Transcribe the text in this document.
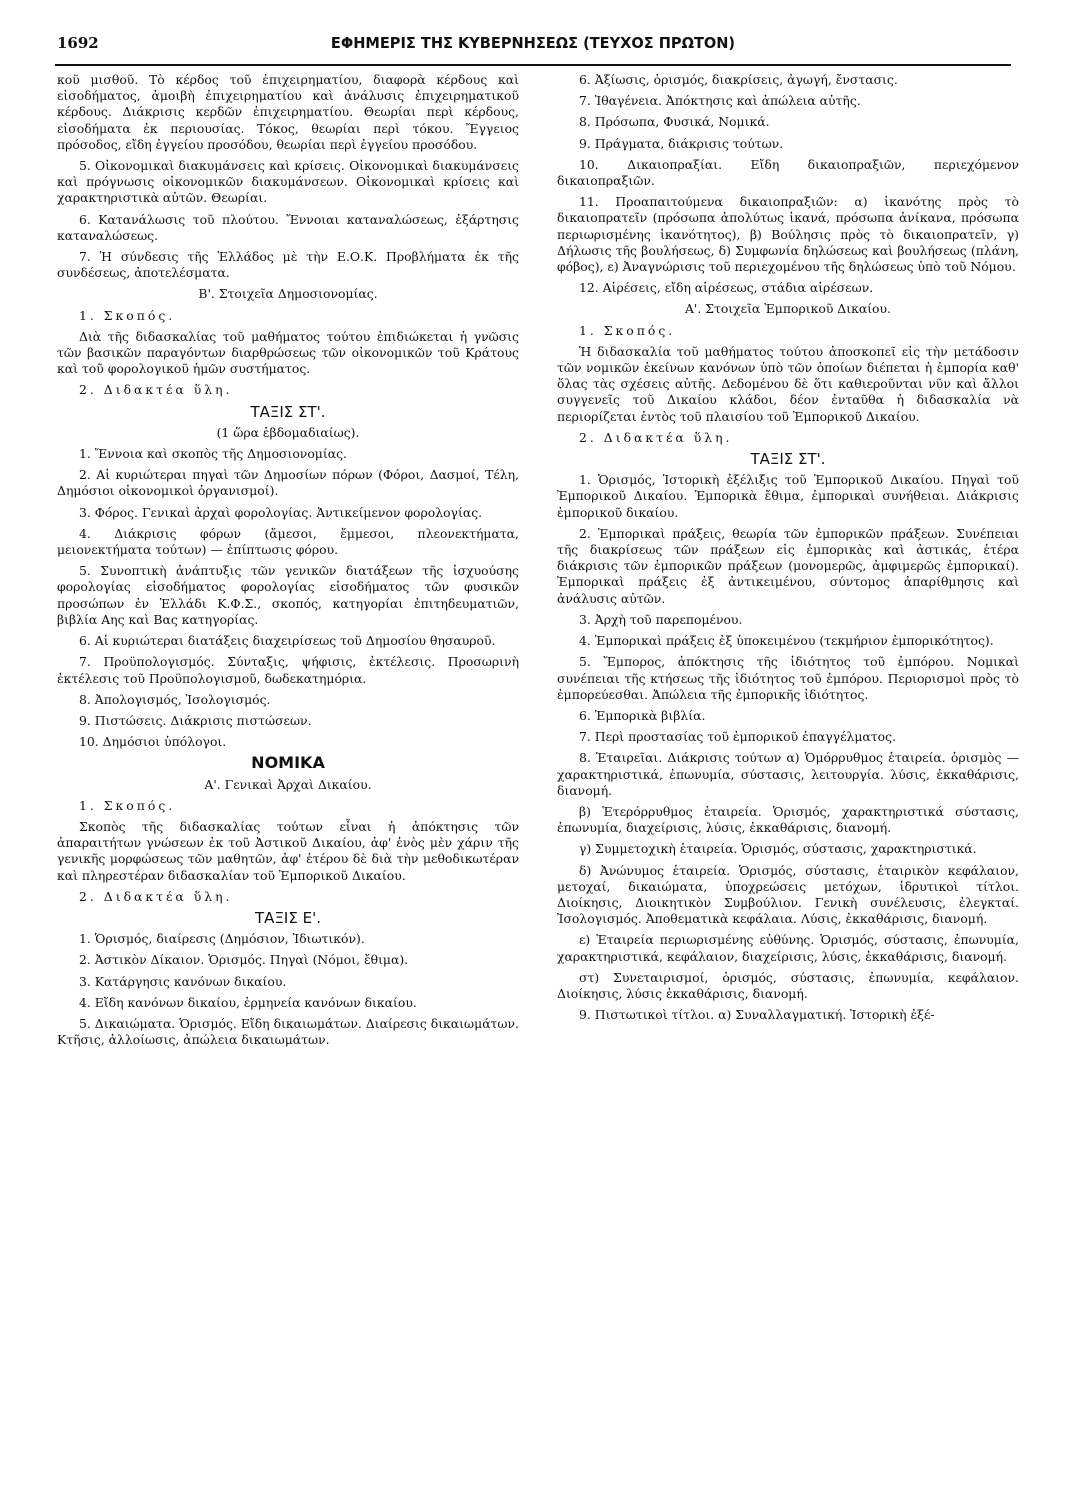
1692	ΕΦΗΜΕΡΙΣ ΤΗΣ ΚΥΒΕΡΝΗΣΕΩΣ (ΤΕΥΧΟΣ ΠΡΩΤΟΝ)

κοῦ μισθοῦ. Τὸ κέρδος τοῦ ἐπιχειρηματίου, διαφορὰ κέρδους καὶ εἰσοδήματος, ἀμοιβὴ ἐπιχειρηματίου καὶ ἀνάλυσις ἐπιχειρηματικοῦ κέρδους. Διάκρισις κερδῶν ἐπιχειρηματίου. Θεωρίαι περὶ κέρδους, εἰσοδήματα ἐκ περιουσίας. Τόκος, θεωρίαι περὶ τόκου. Ἔγγειος πρόσοδος, εἴδη ἐγγείου προσόδου, θεωρίαι περὶ ἐγγείου προσόδου.

5. Οἰκονομικαὶ διακυμάνσεις καὶ κρίσεις. Οἰκονομικαὶ διακυμάνσεις καὶ πρόγνωσις οἰκονομικῶν διακυμάνσεων. Οἰκονομικαὶ κρίσεις καὶ χαρακτηριστικὰ αὐτῶν. Θεωρίαι.

6. Κατανάλωσις τοῦ πλούτου. Ἔννοιαι καταναλώσεως, ἐξάρτησις καταναλώσεως.

7. Ἡ σύνδεσις τῆς Ἑλλάδος μὲ τὴν Ε.Ο.Κ. Προβλήματα ἐκ τῆς συνδέσεως, ἀποτελέσματα.

Β'. Στοιχεῖα Δημοσιονομίας.

1. Σκοπός.

Διὰ τῆς διδασκαλίας τοῦ μαθήματος τούτου ἐπιδιώκεται ἡ γνῶσις τῶν βασικῶν παραγόντων διαρθρώσεως τῶν οἰκονομικῶν τοῦ Κράτους καὶ τοῦ φορολογικοῦ ἡμῶν συστήματος.

2. Διδακτέα ὕλη.

ΤΑΞΙΣ ΣΤ'.

(1 ὥρα ἑβδομαδιαίως).

1. Ἔννοια καὶ σκοπὸς τῆς Δημοσιονομίας.

2. Αἱ κυριώτεραι πηγαὶ τῶν Δημοσίων πόρων (Φόροι, Δασμοί, Τέλη, Δημόσιοι οἰκονομικοὶ ὀργανισμοί).

3. Φόρος. Γενικαὶ ἀρχαὶ φορολογίας. Ἀντικείμενον φορολογίας.

4. Διάκρισις φόρων (ἄμεσοι, ἔμμεσοι, πλεονεκτήματα, μειονεκτήματα τούτων) — ἐπίπτωσις φόρου.

5. Συνοπτικὴ ἀνάπτυξις τῶν γενικῶν διατάξεων τῆς ἰσχυούσης φορολογίας εἰσοδήματος φορολογίας εἰσοδήματος τῶν φυσικῶν προσώπων ἐν Ἑλλάδι Κ.Φ.Σ., σκοπός, κατηγορίαι ἐπιτηδευματιῶν, βιβλία Αης καὶ Βας κατηγορίας.

6. Αἱ κυριώτεραι διατάξεις διαχειρίσεως τοῦ Δημοσίου θησαυροῦ.

7. Προϋπολογισμός. Σύνταξις, ψήφισις, ἐκτέλεσις. Προσωρινὴ ἐκτέλεσις τοῦ Προϋπολογισμοῦ, δωδεκατημόρια.

8. Ἀπολογισμός, Ἰσολογισμός.

9. Πιστώσεις. Διάκρισις πιστώσεων.

10. Δημόσιοι ὑπόλογοι.

ΝΟΜΙΚΑ

Α'. Γενικαὶ Ἀρχαὶ Δικαίου.

1. Σκοπός.

Σκοπὸς τῆς διδασκαλίας τούτων εἶναι ἡ ἀπόκτησις τῶν ἀπαραιτήτων γνώσεων ἐκ τοῦ Ἀστικοῦ Δικαίου, ἀφ' ἑνὸς μὲν χάριν τῆς γενικῆς μορφώσεως τῶν μαθητῶν, ἀφ' ἑτέρου δὲ διὰ τὴν μεθοδικωτέραν καὶ πληρεστέραν διδασκαλίαν τοῦ Ἐμπορικοῦ Δικαίου.

2. Διδακτέα ὕλη.

ΤΑΞΙΣ Ε'.

1. Ὁρισμός, διαίρεσις (Δημόσιον, Ἰδιωτικόν).

2. Ἀστικὸν Δίκαιον. Ὁρισμός. Πηγαὶ (Νόμοι, ἔθιμα).

3. Κατάργησις κανόνων δικαίου.

4. Εἴδη κανόνων δικαίου, ἑρμηνεία κανόνων δικαίου.

5. Δικαιώματα. Ὁρισμός. Εἴδη δικαιωμάτων. Διαίρεσις δικαιωμάτων. Κτῆσις, ἀλλοίωσις, ἀπώλεια δικαιωμάτων.

6. Ἀξίωσις, ὁρισμός, διακρίσεις, ἀγωγή, ἔνστασις.

7. Ἰθαγένεια. Ἀπόκτησις καὶ ἀπώλεια αὐτῆς.

8. Πρόσωπα, Φυσικά, Νομικά.

9. Πράγματα, διάκρισις τούτων.

10. Δικαιοπραξίαι. Εἴδη δικαιοπραξιῶν, περιεχόμενον δικαιοπραξιῶν.

11. Προαπαιτούμενα δικαιοπραξιῶν: α) ἱκανότης πρὸς τὸ δικαιοπρατεῖν (πρόσωπα ἀπολύτως ἱκανά, πρόσωπα ἀνίκανα, πρόσωπα περιωρισμένης ἱκανότητος), β) Βούλησις πρὸς τὸ δικαιοπρατεῖν, γ) Δήλωσις τῆς βουλήσεως, δ) Συμφωνία δηλώσεως καὶ βουλήσεως (πλάνη, φόβος), ε) Ἀναγνώρισις τοῦ περιεχομένου τῆς δηλώσεως ὑπὸ τοῦ Νόμου.

12. Αἱρέσεις, εἴδη αἱρέσεως, στάδια αἱρέσεων.

Α'. Στοιχεῖα Ἐμπορικοῦ Δικαίου.

1. Σκοπός.

Ἡ διδασκαλία τοῦ μαθήματος τούτου ἀποσκοπεῖ εἰς τὴν μετάδοσιν τῶν νομικῶν ἐκείνων κανόνων ὑπὸ τῶν ὁποίων διέπεται ἡ ἐμπορία καθ' ὅλας τὰς σχέσεις αὐτῆς. Δεδομένου δὲ ὅτι καθιεροῦνται νῦν καὶ ἄλλοι συγγενεῖς τοῦ Δικαίου κλάδοι, δέον ἐνταῦθα ἡ διδασκαλία νὰ περιορίζεται ἐντὸς τοῦ πλαισίου τοῦ Ἐμπορικοῦ Δικαίου.

2. Διδακτέα ὕλη.

ΤΑΞΙΣ ΣΤ'.

1. Ὁρισμός, Ἱστορικὴ ἐξέλιξις τοῦ Ἐμπορικοῦ Δικαίου. Πηγαὶ τοῦ Ἐμπορικοῦ Δικαίου. Ἐμπορικὰ ἔθιμα, ἐμπορικαὶ συνήθειαι. Διάκρισις ἐμπορικοῦ δικαίου.

2. Ἐμπορικαὶ πράξεις, θεωρία τῶν ἐμπορικῶν πράξεων. Συνέπειαι τῆς διακρίσεως τῶν πράξεων εἰς ἐμπορικὰς καὶ ἀστικάς, ἑτέρα διάκρισις τῶν ἐμπορικῶν πράξεων (μονομερῶς, ἀμφιμερῶς ἐμπορικαί). Ἐμπορικαὶ πράξεις ἐξ ἀντικειμένου, σύντομος ἀπαρίθμησις καὶ ἀνάλυσις αὐτῶν.

3. Ἀρχὴ τοῦ παρεπομένου.

4. Ἐμπορικαὶ πράξεις ἐξ ὑποκειμένου (τεκμήριον ἐμπορικότητος).

5. Ἔμπορος, ἀπόκτησις τῆς ἰδιότητος τοῦ ἐμπόρου. Νομικαὶ συνέπειαι τῆς κτήσεως τῆς ἰδιότητος τοῦ ἐμπόρου. Περιορισμοὶ πρὸς τὸ ἐμπορεύεσθαι. Ἀπώλεια τῆς ἐμπορικῆς ἰδιότητος.

6. Ἐμπορικὰ βιβλία.

7. Περὶ προστασίας τοῦ ἐμπορικοῦ ἐπαγγέλματος.

8. Ἑταιρεῖαι. Διάκρισις τούτων α) Ὁμόρρυθμος ἑταιρεία. ὁρισμὸς — χαρακτηριστικά, ἐπωνυμία, σύστασις, λειτουργία. λύσις, ἐκκαθάρισις, διανομή.

β) Ἑτερόρρυθμος ἑταιρεία. Ὁρισμός, χαρακτηριστικά σύστασις, ἐπωνυμία, διαχείρισις, λύσις, ἐκκαθάρισις, διανομή.

γ) Συμμετοχικὴ ἑταιρεία. Ὁρισμός, σύστασις, χαρακτηριστικά.

δ) Ἀνώνυμος ἑταιρεία. Ὁρισμός, σύστασις, ἑταιρικὸν κεφάλαιον, μετοχαί, δικαιώματα, ὑποχρεώσεις μετόχων, ἱδρυτικοὶ τίτλοι. Διοίκησις, Διοικητικὸν Συμβούλιον. Γενικὴ συνέλευσις, ἐλεγκταί. Ἰσολογισμός. Ἀποθεματικὰ κεφάλαια. Λύσις, ἐκκαθάρισις, διανομή.

ε) Ἑταιρεία περιωρισμένης εὐθύνης. Ὁρισμός, σύστασις, ἐπωνυμία, χαρακτηριστικά, κεφάλαιον, διαχείρισις, λύσις, ἐκκαθάρισις, διανομή.

στ) Συνεταιρισμοί, ὁρισμός, σύστασις, ἐπωνυμία, κεφάλαιον. Διοίκησις, λύσις ἐκκαθάρισις, διανομή.

9. Πιστωτικοὶ τίτλοι. α) Συναλλαγματική. Ἱστορικὴ ἐξέ-
